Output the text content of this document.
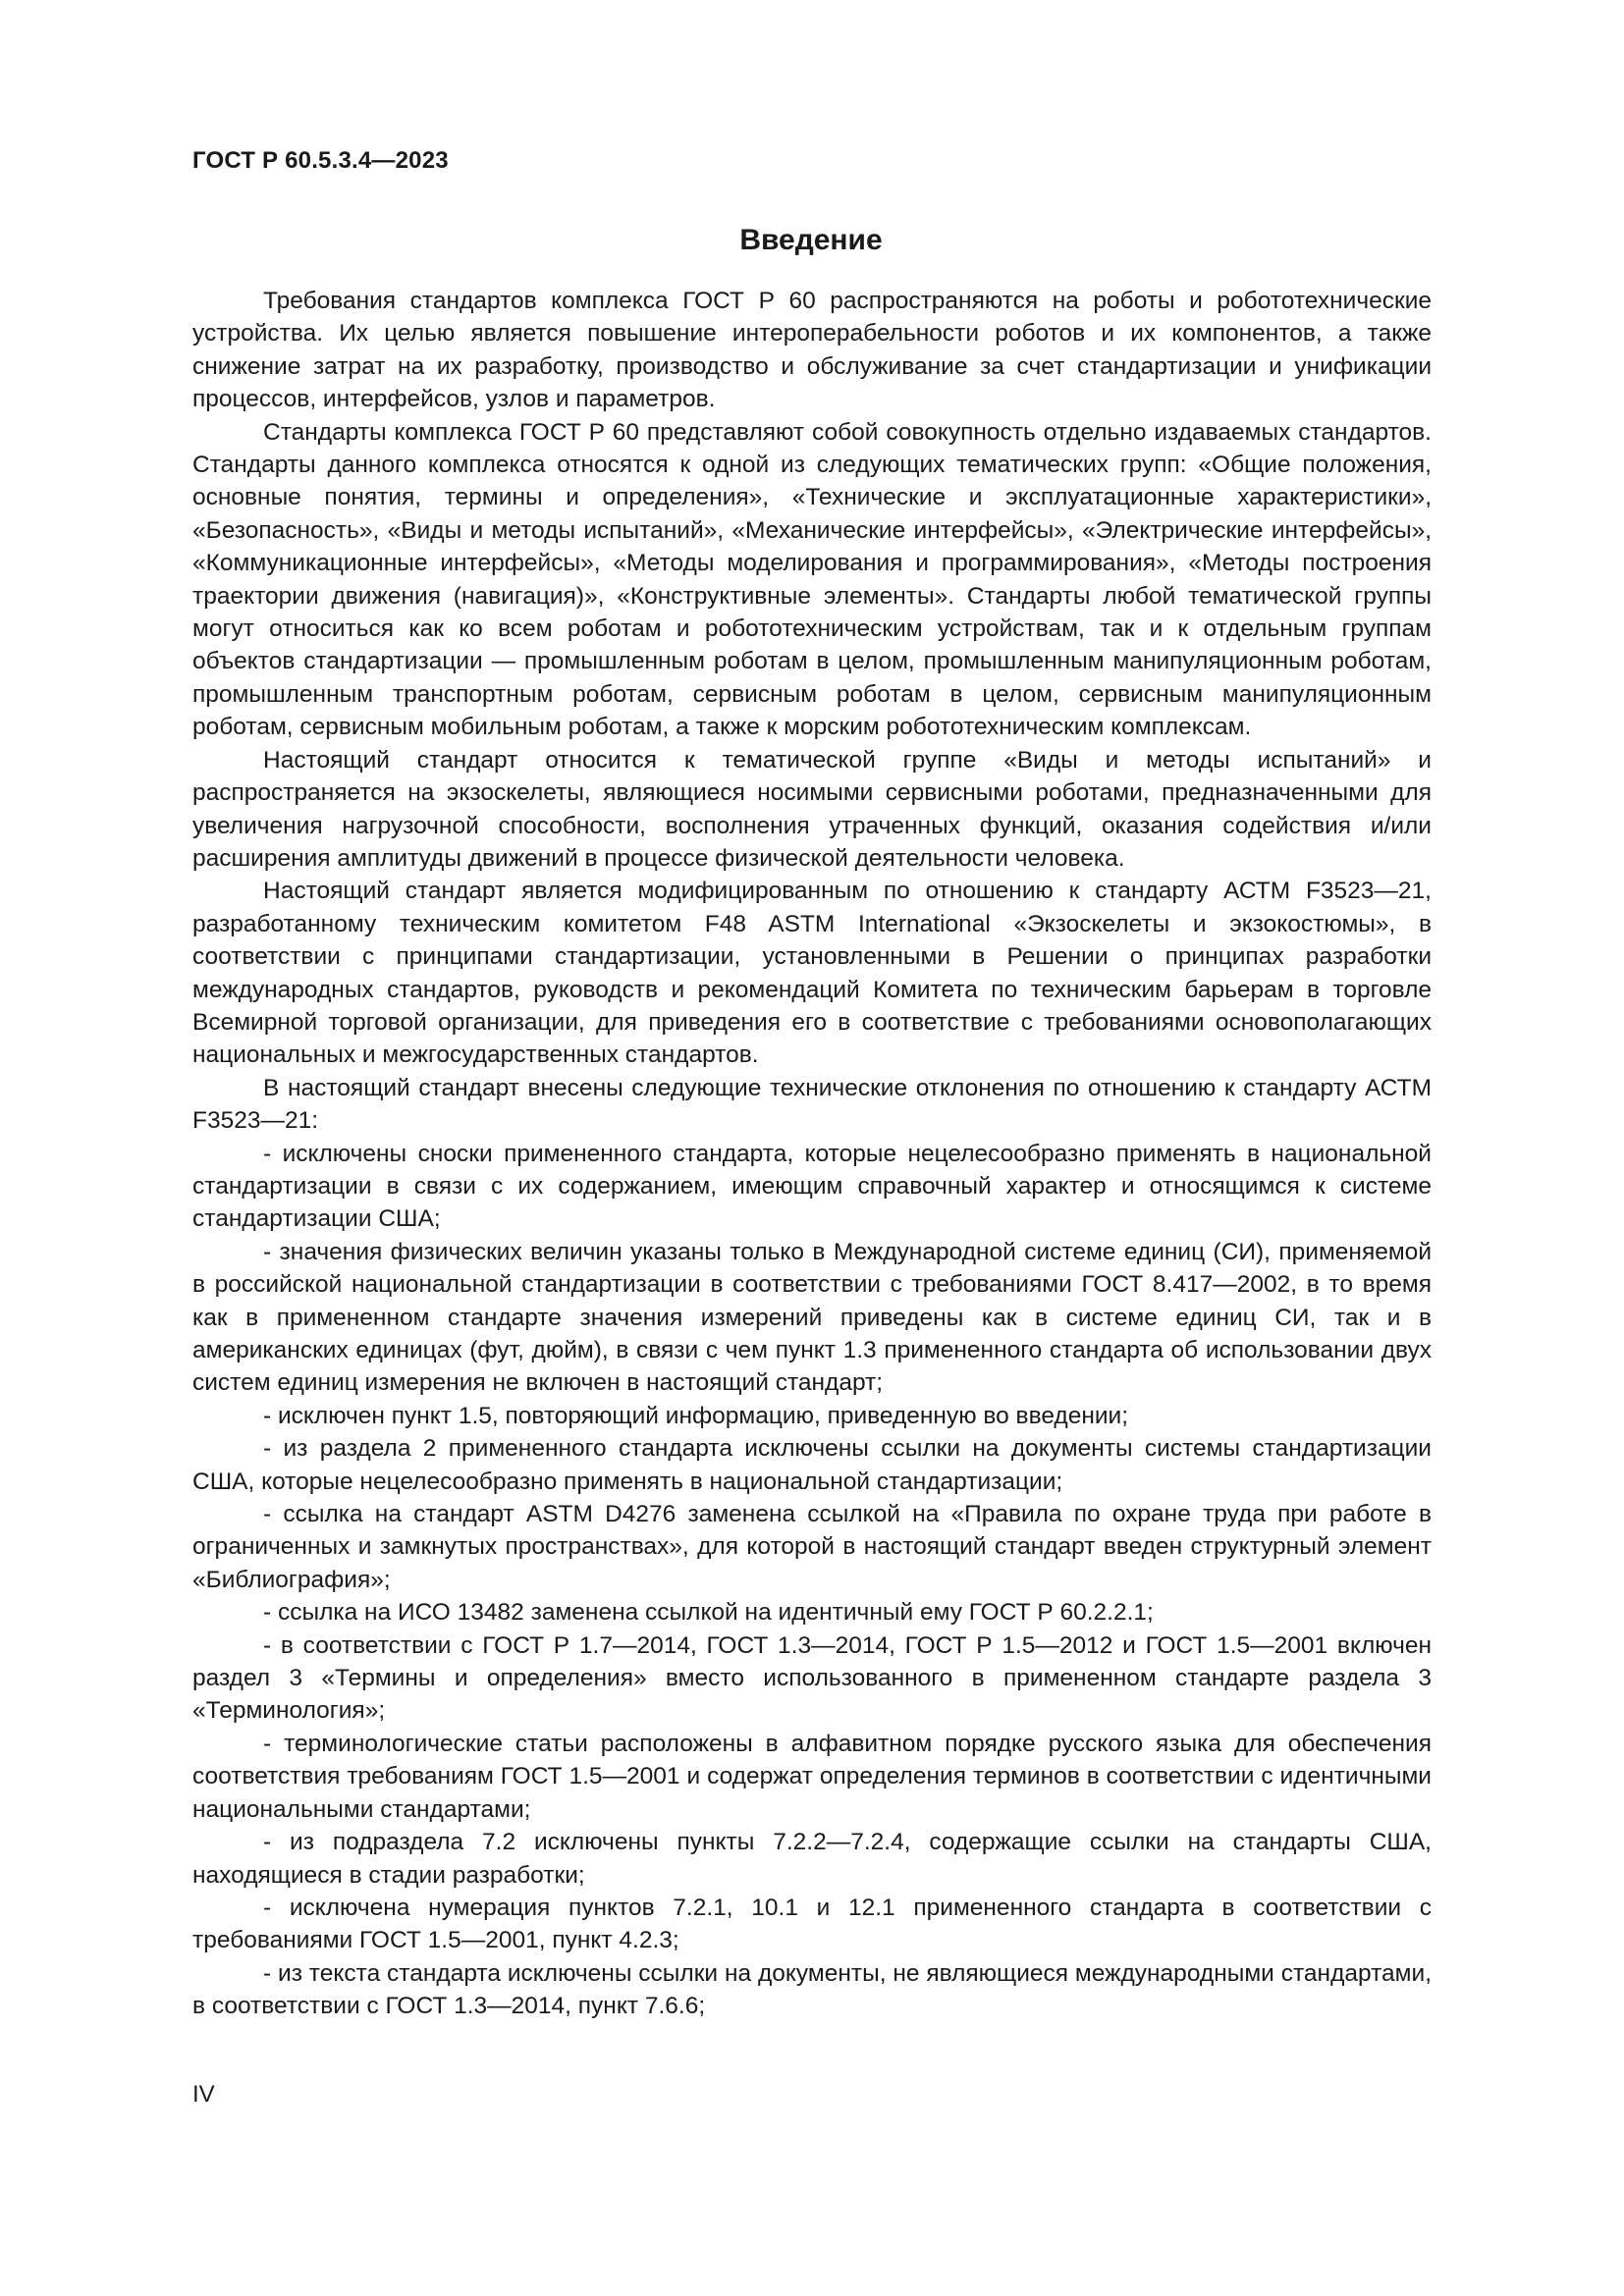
ГОСТ Р 60.5.3.4—2023
Введение

Требования стандартов комплекса ГОСТ Р 60 распространяются на роботы и робототехнические устройства. Их целью является повышение интероперабельности роботов и их компонентов, а также снижение затрат на их разработку, производство и обслуживание за счет стандартизации и унификации процессов, интерфейсов, узлов и параметров.

Стандарты комплекса ГОСТ Р 60 представляют собой совокупность отдельно издаваемых стандартов. Стандарты данного комплекса относятся к одной из следующих тематических групп: «Общие положения, основные понятия, термины и определения», «Технические и эксплуатационные характеристики», «Безопасность», «Виды и методы испытаний», «Механические интерфейсы», «Электрические интерфейсы», «Коммуникационные интерфейсы», «Методы моделирования и программирования», «Методы построения траектории движения (навигация)», «Конструктивные элементы». Стандарты любой тематической группы могут относиться как ко всем роботам и робототехническим устройствам, так и к отдельным группам объектов стандартизации — промышленным роботам в целом, промышленным манипуляционным роботам, промышленным транспортным роботам, сервисным роботам в целом, сервисным манипуляционным роботам, сервисным мобильным роботам, а также к морским робототехническим комплексам.

Настоящий стандарт относится к тематической группе «Виды и методы испытаний» и распространяется на экзоскелеты, являющиеся носимыми сервисными роботами, предназначенными для увеличения нагрузочной способности, восполнения утраченных функций, оказания содействия и/или расширения амплитуды движений в процессе физической деятельности человека.

Настоящий стандарт является модифицированным по отношению к стандарту АСТМ F3523—21, разработанному техническим комитетом F48 ASTM International «Экзоскелеты и экзокостюмы», в соответствии с принципами стандартизации, установленными в Решении о принципах разработки международных стандартов, руководств и рекомендаций Комитета по техническим барьерам в торговле Всемирной торговой организации, для приведения его в соответствие с требованиями основополагающих национальных и межгосударственных стандартов.

В настоящий стандарт внесены следующие технические отклонения по отношению к стандарту АСТМ F3523—21:

- исключены сноски примененного стандарта, которые нецелесообразно применять в национальной стандартизации в связи с их содержанием, имеющим справочный характер и относящимся к системе стандартизации США;

- значения физических величин указаны только в Международной системе единиц (СИ), применяемой в российской национальной стандартизации в соответствии с требованиями ГОСТ 8.417—2002, в то время как в примененном стандарте значения измерений приведены как в системе единиц СИ, так и в американских единицах (фут, дюйм), в связи с чем пункт 1.3 примененного стандарта об использовании двух систем единиц измерения не включен в настоящий стандарт;

- исключен пункт 1.5, повторяющий информацию, приведенную во введении;

- из раздела 2 примененного стандарта исключены ссылки на документы системы стандартизации США, которые нецелесообразно применять в национальной стандартизации;

- ссылка на стандарт ASTM D4276 заменена ссылкой на «Правила по охране труда при работе в ограниченных и замкнутых пространствах», для которой в настоящий стандарт введен структурный элемент «Библиография»;

- ссылка на ИСО 13482 заменена ссылкой на идентичный ему ГОСТ Р 60.2.2.1;

- в соответствии с ГОСТ Р 1.7—2014, ГОСТ 1.3—2014, ГОСТ Р 1.5—2012 и ГОСТ 1.5—2001 включен раздел 3 «Термины и определения» вместо использованного в примененном стандарте раздела 3 «Терминология»;

- терминологические статьи расположены в алфавитном порядке русского языка для обеспечения соответствия требованиям ГОСТ 1.5—2001 и содержат определения терминов в соответствии с идентичными национальными стандартами;

- из подраздела 7.2 исключены пункты 7.2.2—7.2.4, содержащие ссылки на стандарты США, находящиеся в стадии разработки;

- исключена нумерация пунктов 7.2.1, 10.1 и 12.1 примененного стандарта в соответствии с требованиями ГОСТ 1.5—2001, пункт 4.2.3;

- из текста стандарта исключены ссылки на документы, не являющиеся международными стандартами, в соответствии с ГОСТ 1.3—2014, пункт 7.6.6;

IV
